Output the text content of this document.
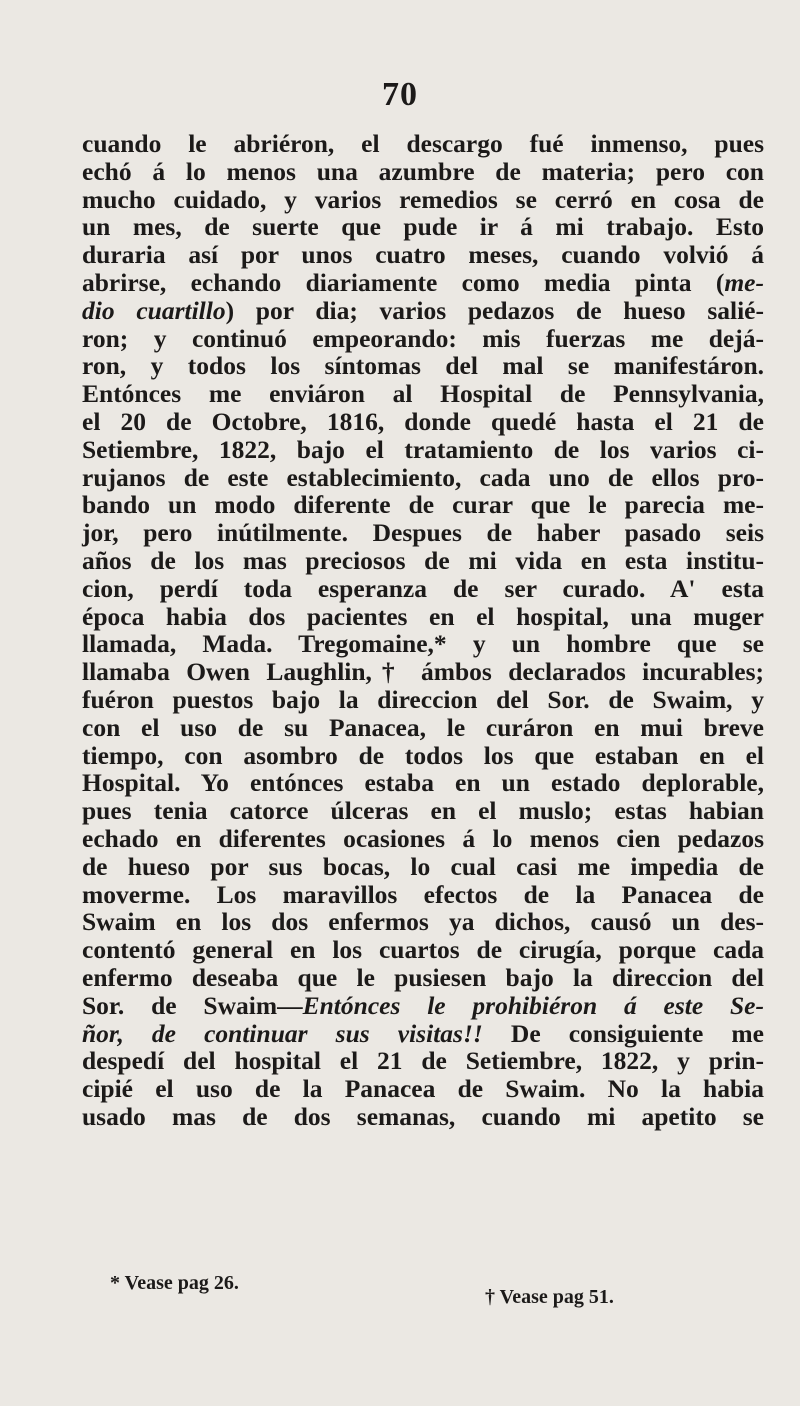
70
cuando le abriéron, el descargo fué inmenso, pues
echó á lo menos una azumbre de materia; pero con
mucho cuidado, y varios remedios se cerró en cosa de
un mes, de suerte que pude ir á mi trabajo. Esto
duraria así por unos cuatro meses, cuando volvió á
abrirse, echando diariamente como media pinta (me-
dio cuartillo) por dia; varios pedazos de hueso salié-
ron; y continuó empeorando: mis fuerzas me dejá-
ron, y todos los síntomas del mal se manifestáron.
Entónces me enviáron al Hospital de Pennsylvania,
el 20 de Octobre, 1816, donde quedé hasta el 21 de
Setiembre, 1822, bajo el tratamiento de los varios ci-
rujanos de este establecimiento, cada uno de ellos pro-
bando un modo diferente de curar que le parecia me-
jor, pero inútilmente. Despues de haber pasado seis
años de los mas preciosos de mi vida en esta institu-
cion, perdí toda esperanza de ser curado. A' esta
época habia dos pacientes en el hospital, una muger
llamada, Mada. Tregomaine,* y un hombre que se
llamaba Owen Laughlin,† ámbos declarados incurables;
fuéron puestos bajo la direccion del Sor. de Swaim, y
con el uso de su Panacea, le curáron en mui breve
tiempo, con asombro de todos los que estaban en el
Hospital. Yo entónces estaba en un estado deplorable,
pues tenia catorce úlceras en el muslo; estas habian
echado en diferentes ocasiones á lo menos cien pedazos
de hueso por sus bocas, lo cual casi me impedia de
moverme. Los maravillos efectos de la Panacea de
Swaim en los dos enfermos ya dichos, causó un des-
contentó general en los cuartos de cirugía, porque cada
enfermo deseaba que le pusiesen bajo la direccion del
Sor. de Swaim—Entónces le prohibiéron á este Se-
ñor, de continuar sus visitas!! De consiguiente me
despedí del hospital el 21 de Setiembre, 1822, y prin-
cipié el uso de la Panacea de Swaim. No la habia
usado mas de dos semanas, cuando mi apetito se
* Vease pag 26.
† Vease pag 51.
